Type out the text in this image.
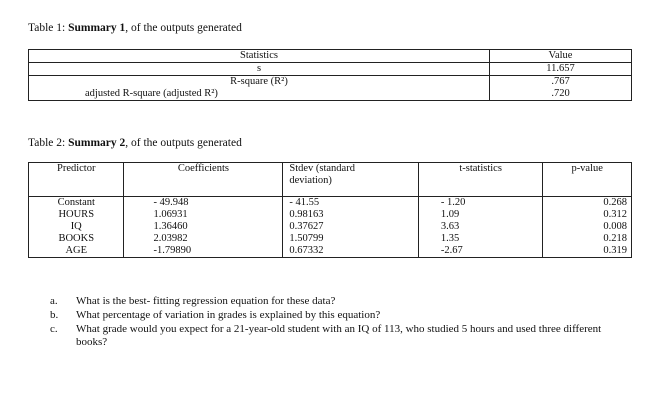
Table 1: Summary 1, of the outputs generated
Statistics	Value
s	11.657
R-square (R²)	.767
adjusted R-square (adjusted R²)	.720
Table 2: Summary 2, of the outputs generated
Predictor	Coefficients	Stdev (standard deviation)	t-statistics	p-value
Constant	- 49.948	- 41.55	- 1.20	0.268
HOURS	1.06931	0.98163	1.09	0.312
IQ	1.36460	0.37627	3.63	0.008
BOOKS	2.03982	1.50799	1.35	0.218
AGE	-1.79890	0.67332	-2.67	0.319
a. What is the best- fitting regression equation for these data?
b. What percentage of variation in grades is explained by this equation?
c. What grade would you expect for a 21-year-old student with an IQ of 113, who studied 5 hours and used three different books?
